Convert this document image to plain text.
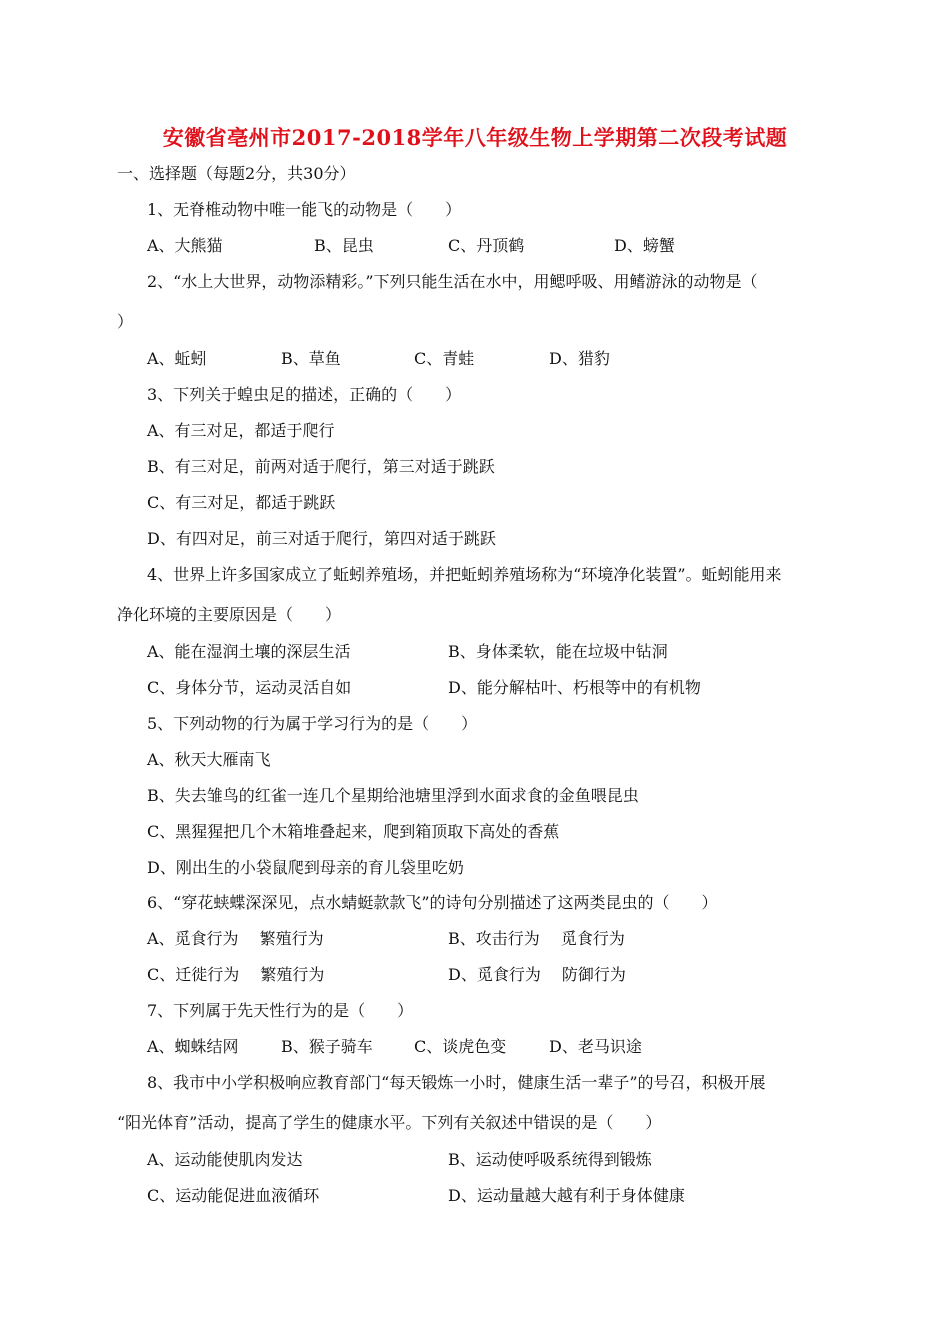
安徽省亳州市2017-2018学年八年级生物上学期第二次段考试题
一、选择题（每题2分，共30分）
1、无脊椎动物中唯一能飞的动物是（　　）
A、大熊猫	B、昆虫	C、丹顶鹤	D、螃蟹
2、“水上大世界，动物添精彩。”下列只能生活在水中，用鳃呼吸、用鳍游泳的动物是（
）
A、蚯蚓	B、草鱼	C、青蛙	D、猎豹
3、下列关于蝗虫足的描述，正确的（　　）
A、有三对足，都适于爬行
B、有三对足，前两对适于爬行，第三对适于跳跃
C、有三对足，都适于跳跃
D、有四对足，前三对适于爬行，第四对适于跳跃
4、世界上许多国家成立了蚯蚓养殖场，并把蚯蚓养殖场称为“环境净化装置”。蚯蚓能用来
净化环境的主要原因是（　　）
A、能在湿润土壤的深层生活	B、身体柔软，能在垃圾中钻洞
C、身体分节，运动灵活自如	D、能分解枯叶、朽根等中的有机物
5、下列动物的行为属于学习行为的是（　　）
A、秋天大雁南飞
B、失去雏鸟的红雀一连几个星期给池塘里浮到水面求食的金鱼喂昆虫
C、黑猩猩把几个木箱堆叠起来，爬到箱顶取下高处的香蕉
D、刚出生的小袋鼠爬到母亲的育儿袋里吃奶
6、“穿花蛱蝶深深见，点水蜻蜓款款飞”的诗句分别描述了这两类昆虫的（　　）
A、觅食行为　 繁殖行为	B、攻击行为　 觅食行为
C、迁徙行为　 繁殖行为	D、觅食行为　 防御行为
7、下列属于先天性行为的是（　　）
A、蜘蛛结网	B、猴子骑车	C、谈虎色变	D、老马识途
8、我市中小学积极响应教育部门“每天锻炼一小时，健康生活一辈子”的号召，积极开展
“阳光体育”活动，提高了学生的健康水平。下列有关叙述中错误的是（　　）
A、运动能使肌肉发达	B、运动使呼吸系统得到锻炼
C、运动能促进血液循环	D、运动量越大越有利于身体健康
